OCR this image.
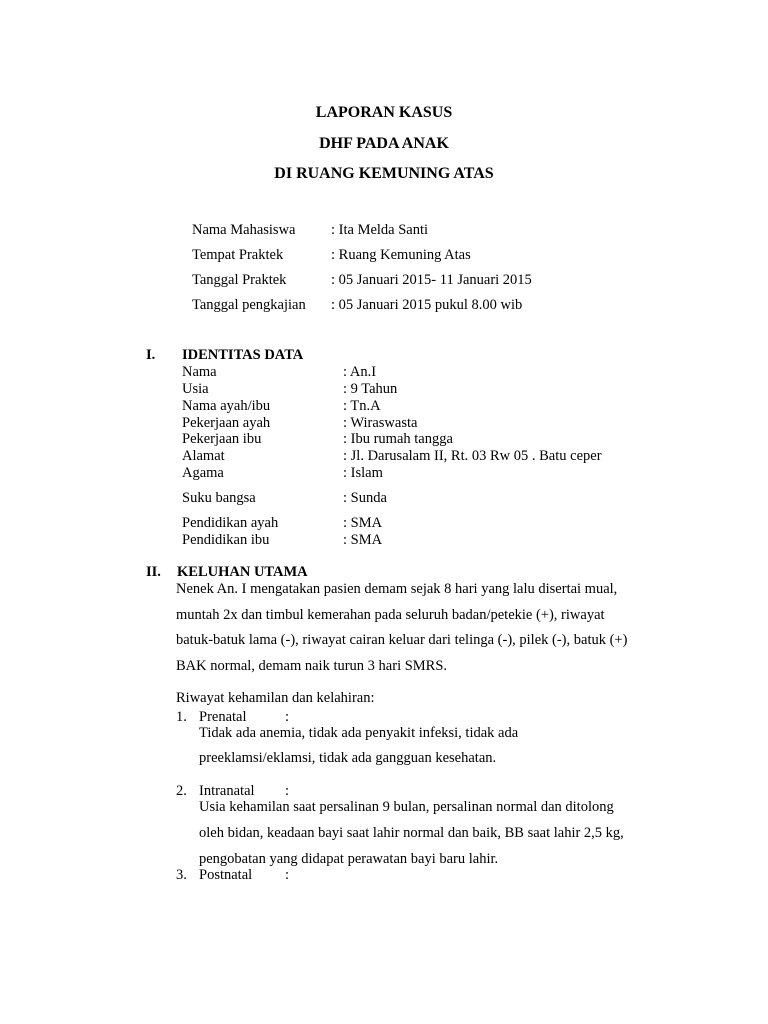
LAPORAN KASUS
DHF PADA ANAK
DI RUANG KEMUNING ATAS
Nama Mahasiswa : Ita Melda Santi
Tempat Praktek	: Ruang Kemuning Atas
Tanggal Praktek	: 05 Januari 2015- 11 Januari 2015
Tanggal pengkajian : 05 Januari 2015 pukul 8.00 wib
I. IDENTITAS DATA
Nama	: An.I
Usia	: 9 Tahun
Nama ayah/ibu	: Tn.A
Pekerjaan ayah	: Wiraswasta
Pekerjaan ibu	: Ibu rumah tangga
Alamat	: Jl. Darusalam II, Rt. 03 Rw 05 . Batu ceper
Agama	: Islam
Suku bangsa	: Sunda
Pendidikan ayah	: SMA
Pendidikan ibu	: SMA
II. KELUHAN UTAMA
Nenek An. I mengatakan pasien demam sejak 8 hari yang lalu disertai mual,
muntah 2x dan timbul kemerahan pada seluruh badan/petekie (+), riwayat
batuk-batuk lama (-), riwayat cairan keluar dari telinga (-), pilek (-), batuk (+)
BAK normal, demam naik turun 3 hari SMRS.
Riwayat kehamilan dan kelahiran:
1. Prenatal	:
Tidak ada anemia, tidak ada penyakit infeksi, tidak ada
preeklamsi/eklamsi, tidak ada gangguan kesehatan.
2. Intranatal :
Usia kehamilan saat persalinan 9 bulan, persalinan normal dan ditolong
oleh bidan, keadaan bayi saat lahir normal dan baik, BB saat lahir 2,5 kg,
pengobatan yang didapat perawatan bayi baru lahir.
3. Postnatal :
